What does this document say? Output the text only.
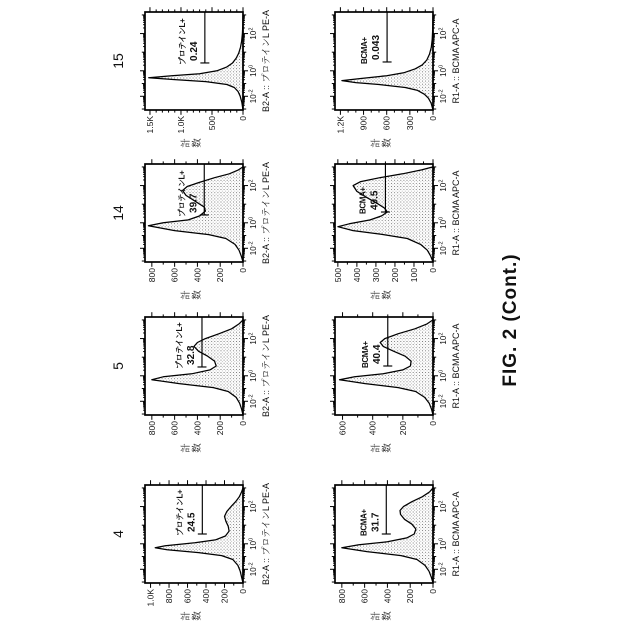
$10^{-2}$
$10^0$
$10^2$
0
200
400
600
800
1.0K
計 数
B2-A :: プロテインL PE-A
4	プロテインL+ 24.5
$10^{-2}$
$10^0$
$10^2$
0
200
400
600
800
計 数
B2-A :: プロテインL PE-A
5	プロテインL+ 32.8
$10^{-2}$
$10^0$
$10^2$
0
200
400
600
800
計 数
B2-A :: プロテインL PE-A
14	プロテインL+ 39.7
$10^{-2}$
$10^0$
$10^2$
0
500
1.0K
1.5K
計 数
B2-A :: プロテインL PE-A
15	プロテインL+ 0.24
$10^{-2}$
$10^0$
$10^2$
0
200
400
600
800
計 数
R1-A :: BCMA APC-A
BCMA+ 31.7
$10^{-2}$
$10^0$
$10^2$
0
200
400
600
計 数
R1-A :: BCMA APC-A
BCMA+ 40.4
$10^{-2}$
$10^0$
$10^2$
0
100
200
300
400
500
計 数
R1-A :: BCMA APC-A
BCMA+ 49.5
$10^{-2}$
$10^0$
$10^2$
0
300
600
900
1.2K
計 数
R1-A :: BCMA APC-A
BCMA+ 0.043
FIG. 2 (Cont.)
